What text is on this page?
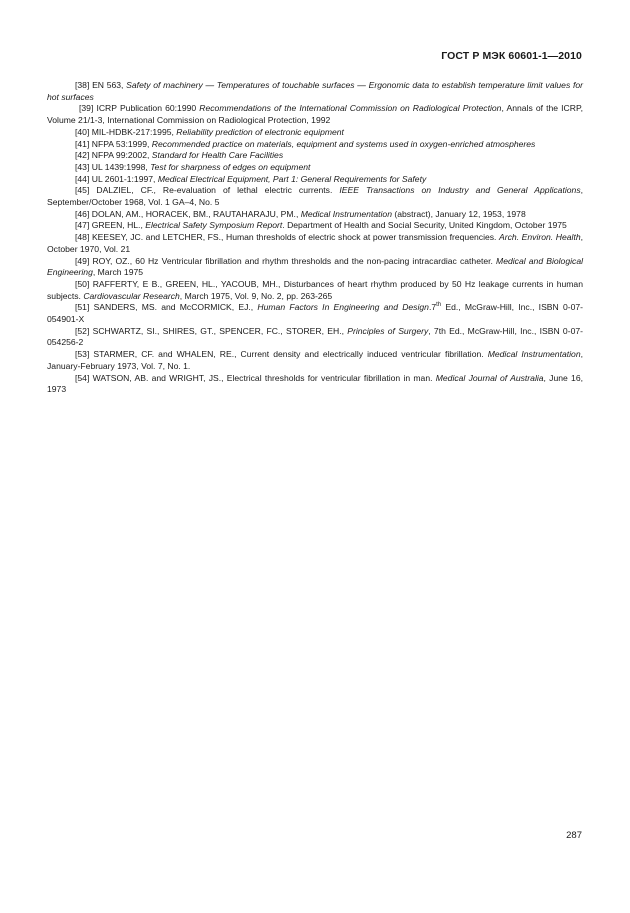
ГОСТ Р МЭК 60601-1—2010

[38] EN 563, Safety of machinery — Temperatures of touchable surfaces — Ergonomic data to establish temperature limit values for hot surfaces

[39] ICRP Publication 60:1990 Recommendations of the International Commission on Radiological Protection, Annals of the ICRP, Volume 21/1-3, International Commission on Radiological Protection, 1992

[40] MIL-HDBK-217:1995, Reliability prediction of electronic equipment

[41] NFPA 53:1999, Recommended practice on materials, equipment and systems used in oxygen-enriched atmospheres

[42] NFPA 99:2002, Standard for Health Care Facilities

[43] UL 1439:1998, Test for sharpness of edges on equipment

[44] UL 2601-1:1997, Medical Electrical Equipment, Part 1: General Requirements for Safety

[45] DALZIEL, CF., Re-evaluation of lethal electric currents. IEEE Transactions on Industry and General Applications, September/October 1968, Vol. 1 GA–4, No. 5

[46] DOLAN, AM., HORACEK, BM., RAUTAHARAJU, PM., Medical Instrumentation (abstract), January 12, 1953, 1978

[47] GREEN, HL., Electrical Safety Symposium Report. Department of Health and Social Security, United Kingdom, October 1975

[48] KEESEY, JC. and LETCHER, FS., Human thresholds of electric shock at power transmission frequencies. Arch. Environ. Health, October 1970, Vol. 21

[49] ROY, OZ., 60 Hz Ventricular fibrillation and rhythm thresholds and the non-pacing intracardiac catheter. Medical and Biological Engineering, March 1975

[50] RAFFERTY, E B., GREEN, HL., YACOUB, MH., Disturbances of heart rhythm produced by 50 Hz leakage currents in human subjects. Cardiovascular Research, March 1975, Vol. 9, No. 2, pp. 263-265

[51] SANDERS, MS. and McCORMICK, EJ., Human Factors In Engineering and Design.7th Ed., McGraw-Hill, Inc., ISBN 0-07-054901-X

[52] SCHWARTZ, SI., SHIRES, GT., SPENCER, FC., STORER, EH., Principles of Surgery, 7th Ed., McGraw-Hill, Inc., ISBN 0-07-054256-2

[53] STARMER, CF. and WHALEN, RE., Current density and electrically induced ventricular fibrillation. Medical Instrumentation, January-February 1973, Vol. 7, No. 1.

[54] WATSON, AB. and WRIGHT, JS., Electrical thresholds for ventricular fibrillation in man. Medical Journal of Australia, June 16, 1973

287
